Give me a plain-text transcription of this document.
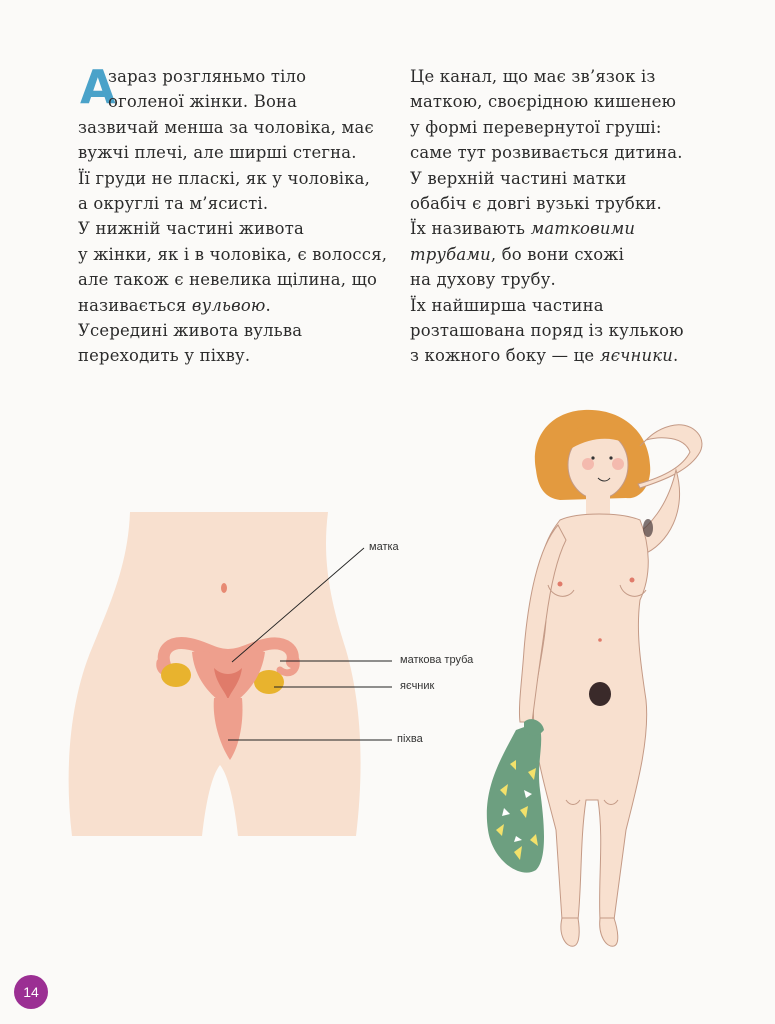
А
зараз розгляньмо тіло
оголеної жінки. Вона
зазвичай менша за чоловіка, має
вужчі плечі, але ширші стегна.
Її груди не пласкі, як у чоловіка,
а округлі та м’ясисті.
У нижній частині живота
у жінки, як і в чоловіка, є волосся,
але також є невелика щілина, що
називається вульвою.
Усередині живота вульва
переходить у піхву.
Це канал, що має зв’язок із
маткою, своєрідною кишенею
у формі перевернутої груші:
саме тут розвивається дитина.
У верхній частині матки
обабіч є довгі вузькі трубки.
Їх називають матковими
трубами, бо вони схожі
на духову трубу.
Їх найширша частина
розташована поряд із кулькою
з кожного боку — це яєчники.
матка
маткова труба
яєчник
піхва
14
